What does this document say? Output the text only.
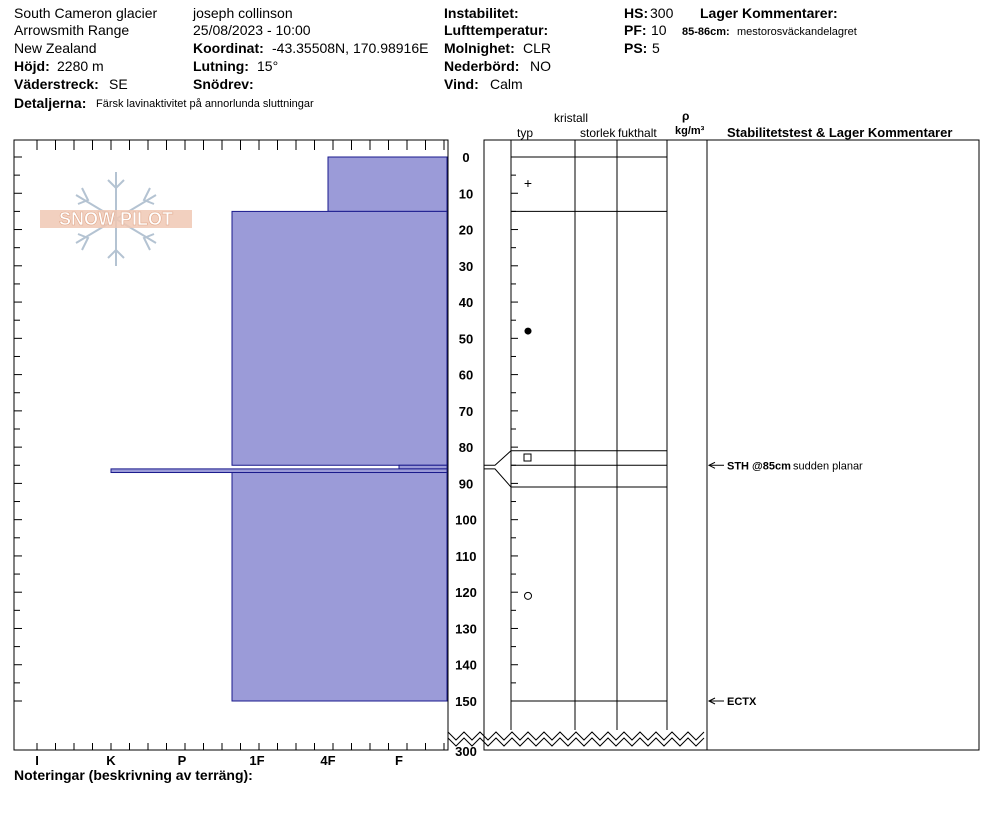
South Cameron glacier
Arrowsmith Range
New Zealand
Höjd: 2280 m
Väderstreck: SE
Detaljerna: Färsk lavinaktivitet på annorlunda sluttningar
joseph collinson
25/08/2023 - 10:00
Koordinat: -43.35508N, 170.98916E
Lutning: 15°
Snödrev:
Instabilitet:
Lufttemperatur:
Molnighet: CLR
Nederbörd: NO
Vind: Calm
HS: 300
PF: 10
PS: 5
Lager Kommentarer:
85-86cm: mestorosväckandelagret
kristall
typ	storlek fukthalt
ρ
kg/m³ Stabilitetstest & Lager Kommentarer
SNOW PILOT
I	K	P	1F	4F	F
0
10
20
30
40
50
60
70
80
90
100
110
120
130
140
150
+
STH @85cm sudden planar
ECTX
300
Noteringar (beskrivning av terräng):
